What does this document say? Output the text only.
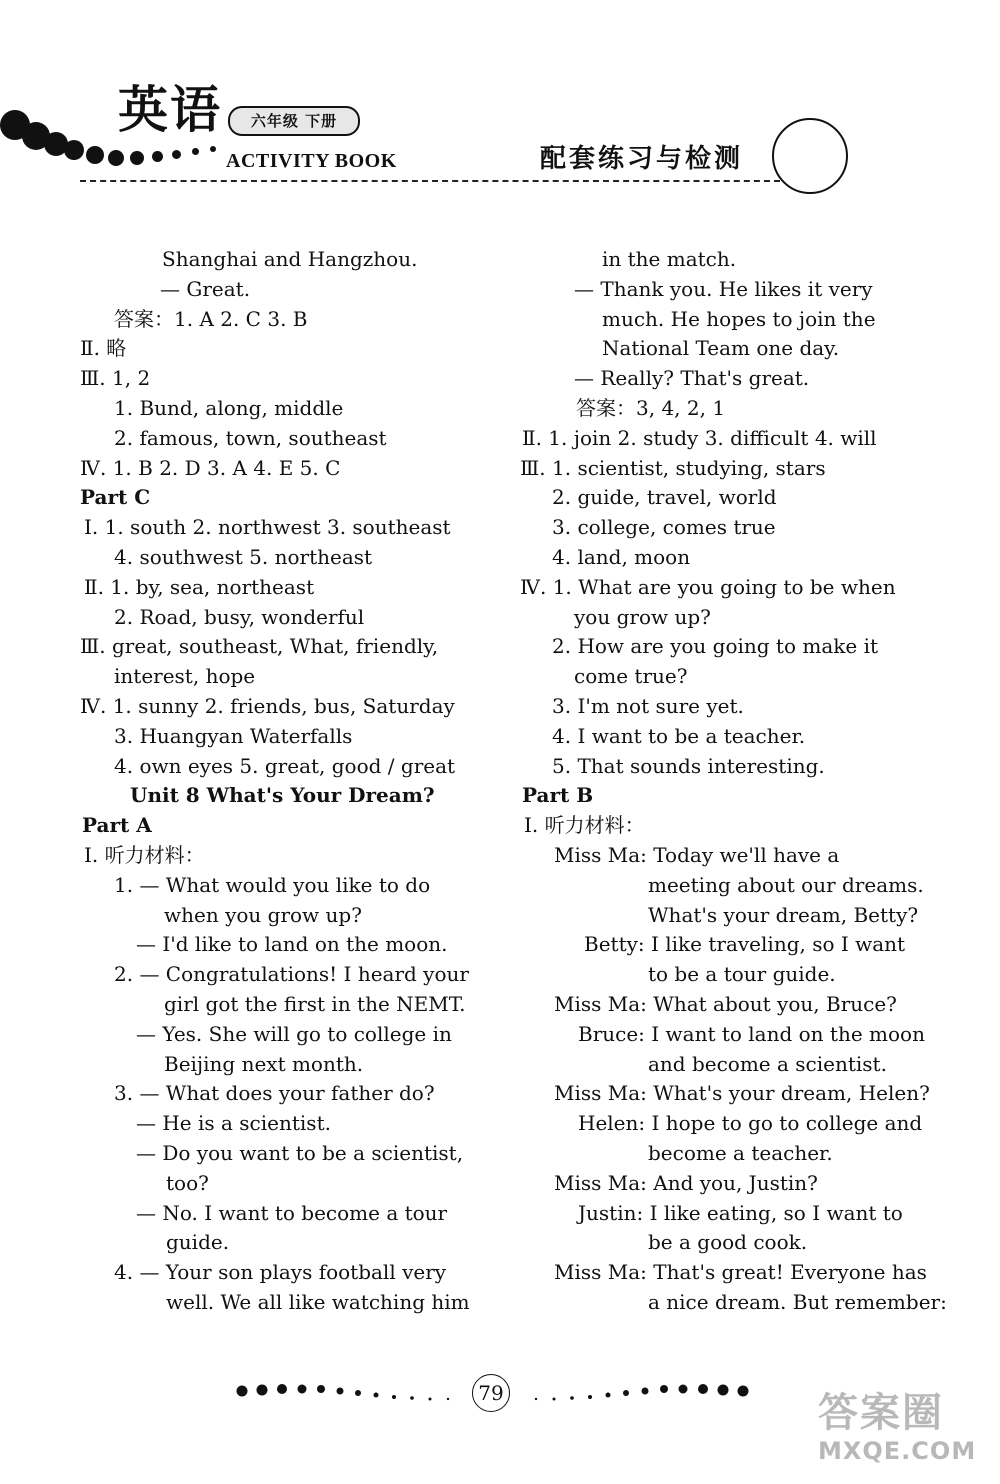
英语	六年级 下册
ACTIVITY BOOK	配套练习与检测
Shanghai and Hangzhou.
— Great.
答案：1. A 2. C 3. B
Ⅱ. 略
Ⅲ. 1, 2
1. Bund, along, middle
2. famous, town, southeast
Ⅳ. 1. B 2. D 3. A 4. E 5. C
Part C
Ⅰ. 1. south 2. northwest 3. southeast
4. southwest 5. northeast
Ⅱ. 1. by, sea, northeast
2. Road, busy, wonderful
Ⅲ. great, southeast, What, friendly,
interest, hope
Ⅳ. 1. sunny 2. friends, bus, Saturday
3. Huangyan Waterfalls
4. own eyes 5. great, good / great
Unit 8 What's Your Dream?
Part A
Ⅰ. 听力材料：
1. — What would you like to do
when you grow up?
— I'd like to land on the moon.
2. — Congratulations! I heard your
girl got the first in the NEMT.
— Yes. She will go to college in
Beijing next month.
3. — What does your father do?
— He is a scientist.
— Do you want to be a scientist,
too?
— No. I want to become a tour
guide.
4. — Your son plays football very
well. We all like watching him
in the match.
— Thank you. He likes it very
much. He hopes to join the
National Team one day.
— Really? That's great.
答案：3, 4, 2, 1
Ⅱ. 1. join 2. study 3. difficult 4. will
Ⅲ. 1. scientist, studying, stars
2. guide, travel, world
3. college, comes true
4. land, moon
Ⅳ. 1. What are you going to be when
you grow up?
2. How are you going to make it
come true?
3. I'm not sure yet.
4. I want to be a teacher.
5. That sounds interesting.
Part B
Ⅰ. 听力材料：
Miss Ma: Today we'll have a
meeting about our dreams.
What's your dream, Betty?
Betty: I like traveling, so I want
to be a tour guide.
Miss Ma: What about you, Bruce?
Bruce: I want to land on the moon
and become a scientist.
Miss Ma: What's your dream, Helen?
Helen: I hope to go to college and
become a teacher.
Miss Ma: And you, Justin?
Justin: I like eating, so I want to
be a good cook.
Miss Ma: That's great! Everyone has
a nice dream. But remember:
79	答案圈
MXQE.COM
